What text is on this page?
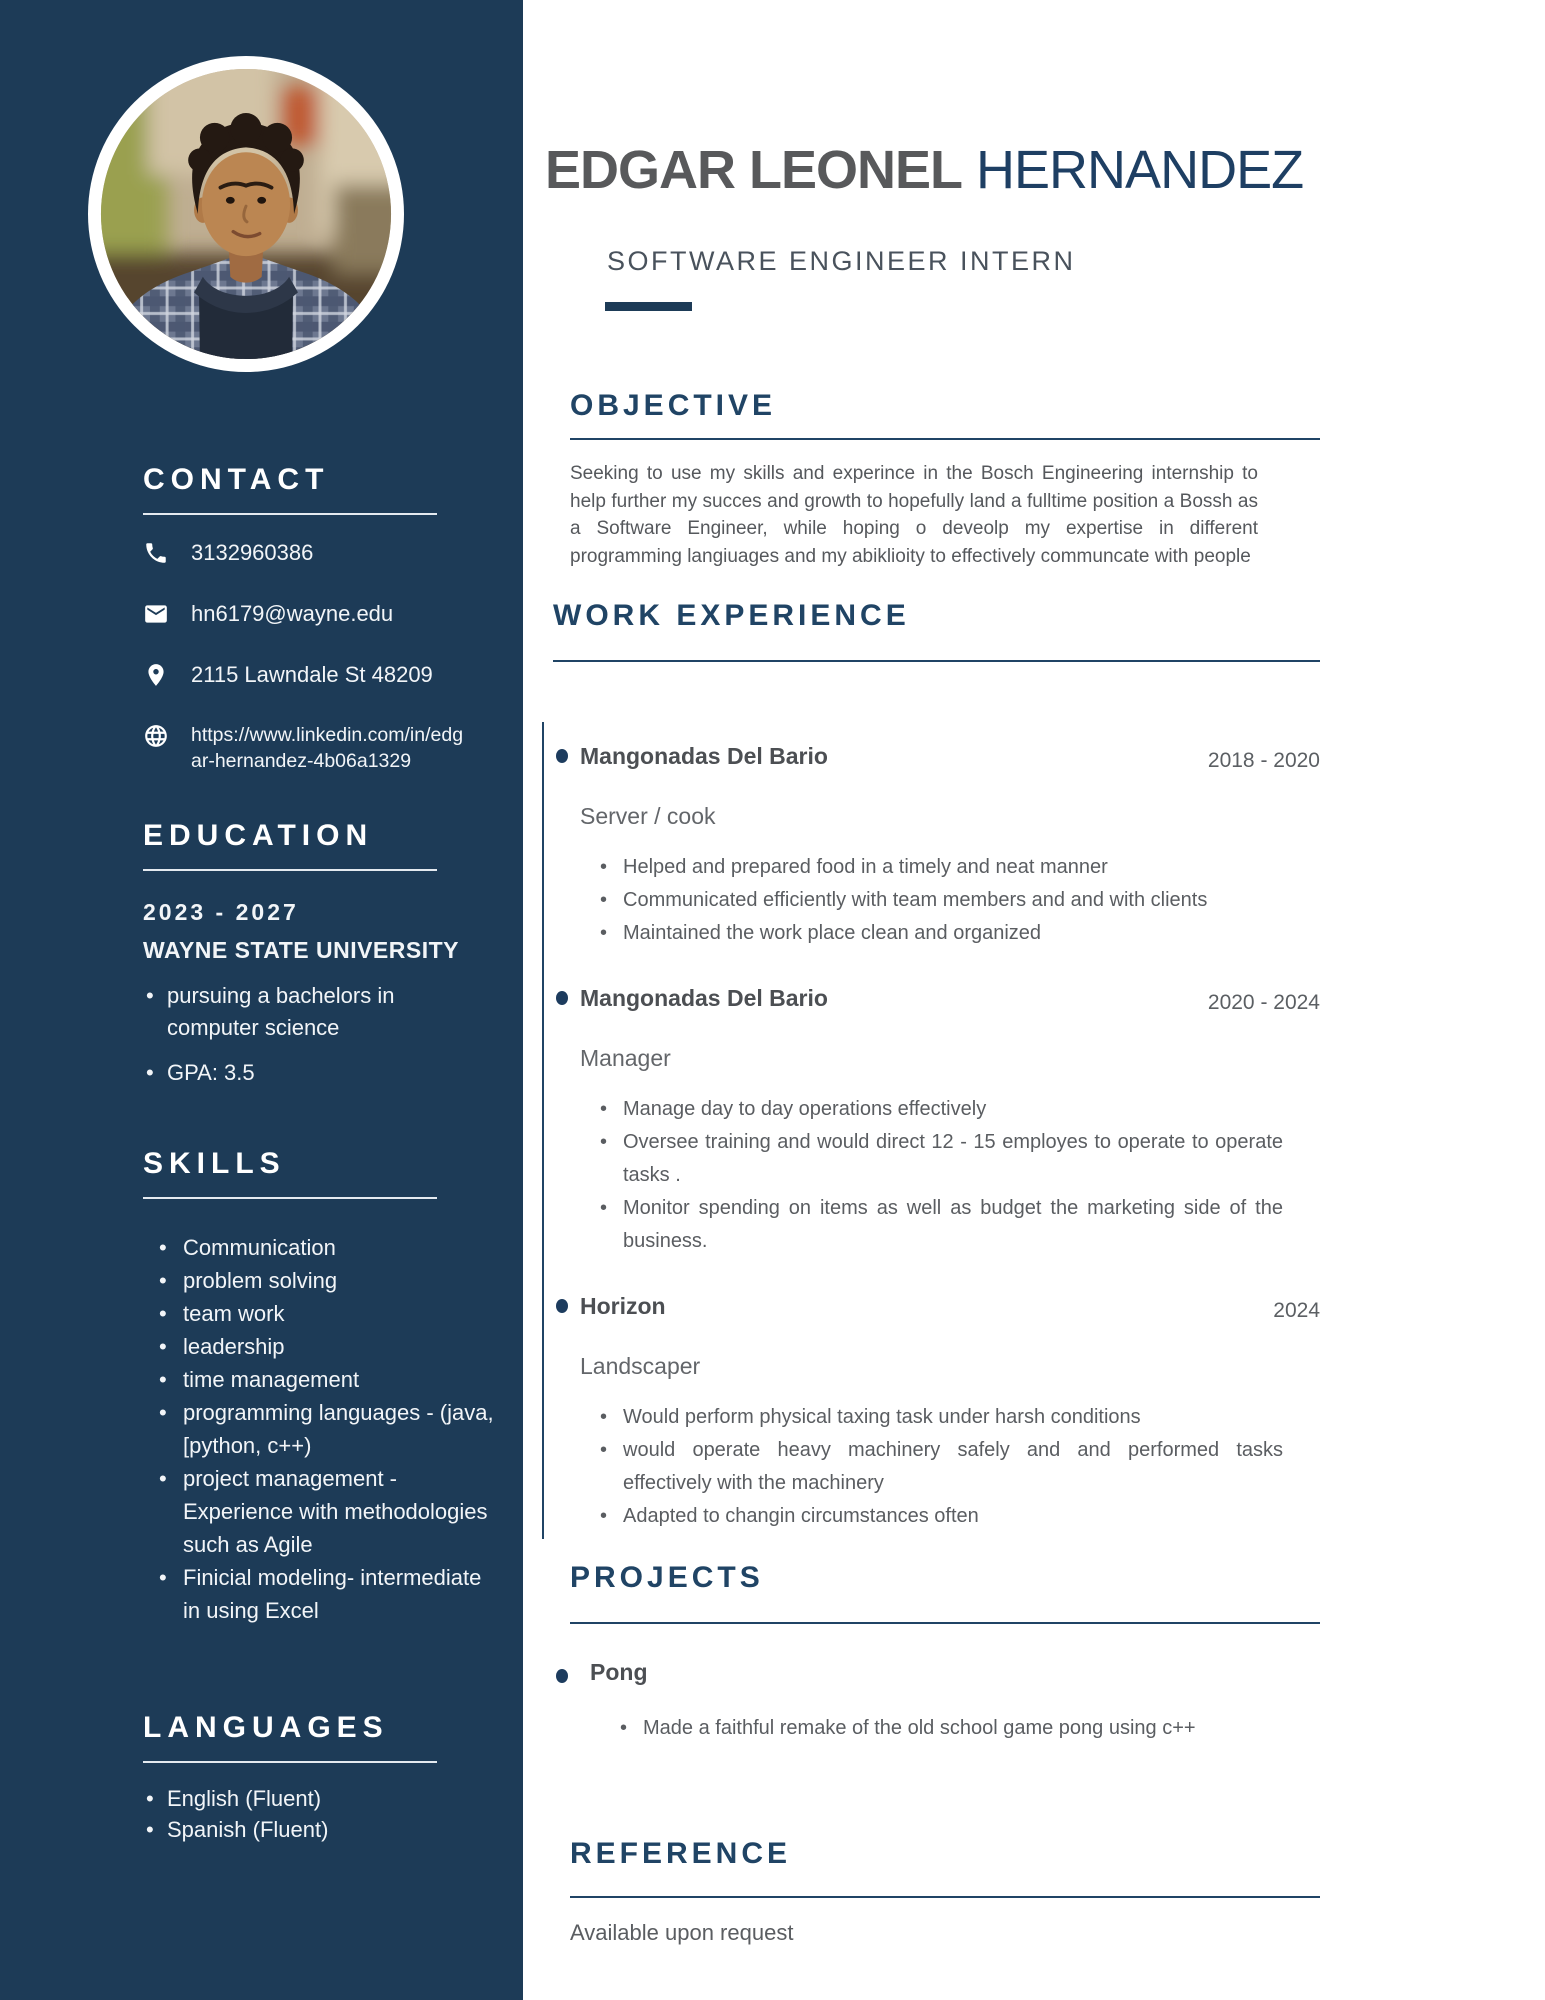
CONTACT
3132960386
hn6179@wayne.edu
2115 Lawndale St 48209
https://www.linkedin.com/in/edgar-hernandez-4b06a1329
EDUCATION
2023 - 2027
WAYNE STATE UNIVERSITY
• pursuing a bachelors in computer science
• GPA: 3.5
SKILLS
• Communication
• problem solving
• team work
• leadership
• time management
• programming languages - (java, [python, c++)
• project management - Experience with methodologies such as Agile
• Finicial modeling- intermediate in using Excel
LANGUAGES
• English (Fluent)
• Spanish (Fluent)
EDGAR LEONEL HERNANDEZ
SOFTWARE ENGINEER INTERN
OBJECTIVE

Seeking to use my skills and experince in the Bosch Engineering internship to help further my succes and growth to hopefully land a fulltime position a Bossh as a Software Engineer, while hoping o deveolp my expertise in different programming langiuages and my abiklioity to effectively communcate with people

WORK EXPERIENCE
Mangonadas Del Bario	2018 - 2020
Server / cook
• Helped and prepared food in a timely and neat manner
• Communicated efficiently with team members and and with clients
• Maintained the work place clean and organized
Mangonadas Del Bario	2020 - 2024
Manager
• Manage day to day operations effectively
• Oversee training and would direct 12 - 15 employes to operate to operate tasks .
• Monitor spending on items as well as budget the marketing side of the business.
Horizon	2024
Landscaper
• Would perform physical taxing task under harsh conditions
• would operate heavy machinery safely and and performed tasks effectively with the machinery
• Adapted to changin circumstances often
PROJECTS
Pong
• Made a faithful remake of the old school game pong using c++
REFERENCE

Available upon request
